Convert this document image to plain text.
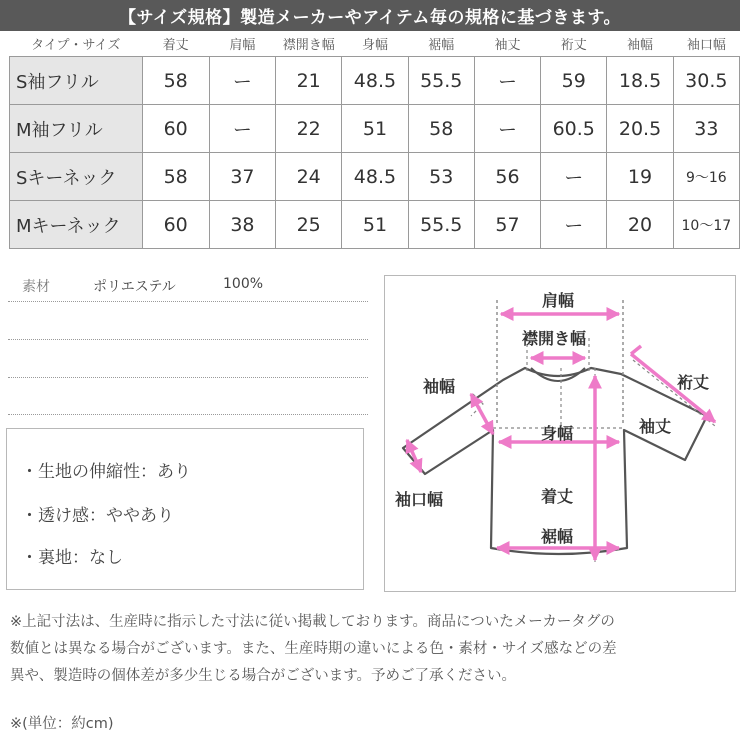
【サイズ規格】製造メーカーやアイテム毎の規格に基づきます。
タイプ・サイズ	着丈	肩幅	襟開き幅	身幅	裾幅	袖丈	裄丈	袖幅	袖口幅
S袖フリル	58	ー	21	48.5	55.5	ー	59	18.5	30.5
M袖フリル	60	ー	22	51	58	ー	60.5	20.5	33
Sキーネック	58	37	24	48.5	53	56	ー	19	9〜16
Mキーネック	60	38	25	51	55.5	57	ー	20	10〜17
素材	ポリエステル	100%
・生地の伸縮性：あり
・透け感：ややあり
・裏地：なし
肩幅
襟開き幅
裄丈
袖幅
袖丈
身幅
袖口幅	着丈
裾幅
※上記寸法は、生産時に指示した寸法に従い掲載しております。商品についたメーカータグの
数値とは異なる場合がございます。また、生産時期の違いによる色・素材・サイズ感などの差
異や、製造時の個体差が多少生じる場合がございます。予めご了承ください。
※(単位：約cm)
